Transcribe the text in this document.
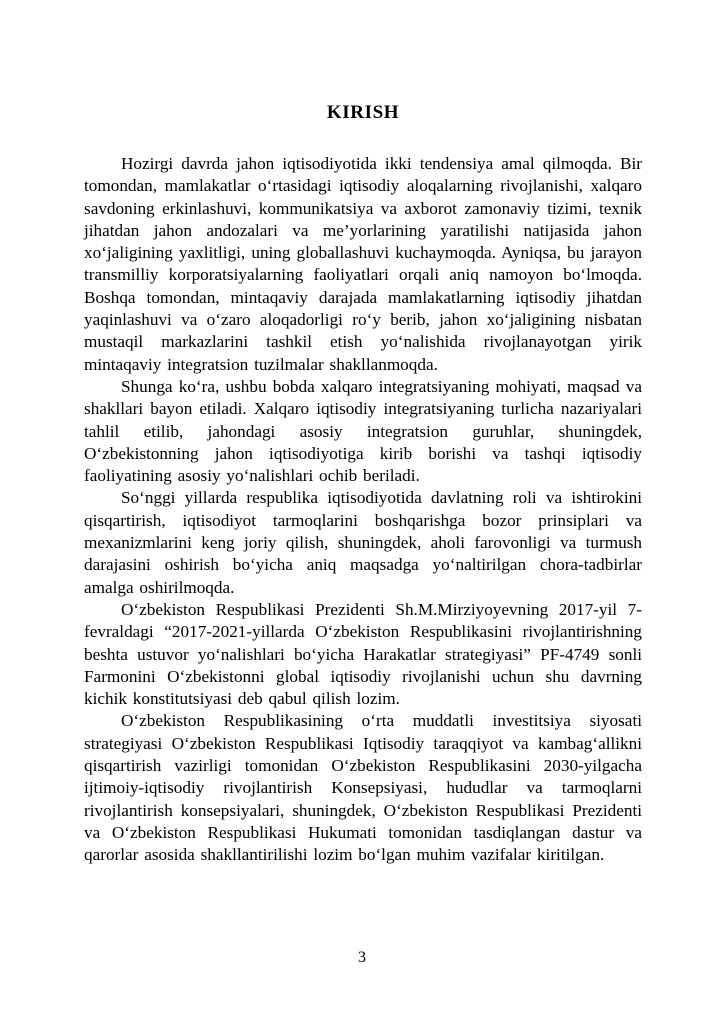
KIRISH

Hozirgi davrda jahon iqtisodiyotida ikki tendensiya amal qilmoqda. Bir tomondan, mamlakatlar o‘rtasidagi iqtisodiy aloqalarning rivojlanishi, xalqaro savdoning erkinlashuvi, kommunikatsiya va axborot zamonaviy tizimi, texnik jihatdan jahon andozalari va me’yorlarining yaratilishi natijasida jahon xo‘jaligining yaxlitligi, uning globallashuvi kuchaymoqda. Ayniqsa, bu jarayon transmilliy korporatsiyalarning faoliyatlari orqali aniq namoyon bo‘lmoqda. Boshqa tomondan, mintaqaviy darajada mamlakatlarning iqtisodiy jihatdan yaqinlashuvi va o‘zaro aloqadorligi ro‘y berib, jahon xo‘jaligining nisbatan mustaqil markazlarini tashkil etish yo‘nalishida rivojlanayotgan yirik mintaqaviy integratsion tuzilmalar shakllanmoqda.

Shunga ko‘ra, ushbu bobda xalqaro integratsiyaning mohiyati, maqsad va shakllari bayon etiladi. Xalqaro iqtisodiy integratsiyaning turlicha nazariyalari tahlil etilib, jahondagi asosiy integratsion guruhlar, shuningdek, O‘zbekistonning jahon iqtisodiyotiga kirib borishi va tashqi iqtisodiy faoliyatining asosiy yo‘nalishlari ochib beriladi.

So‘nggi yillarda respublika iqtisodiyotida davlatning roli va ishtirokini qisqartirish, iqtisodiyot tarmoqlarini boshqarishga bozor prinsiplari va mexanizmlarini keng joriy qilish, shuningdek, aholi farovonligi va turmush darajasini oshirish bo‘yicha aniq maqsadga yo‘naltirilgan chora-tadbirlar amalga oshirilmoqda.

O‘zbekiston Respublikasi Prezidenti Sh.M.Mirziyoyevning 2017-yil 7-fevraldagi “2017-2021-yillarda O‘zbekiston Respublikasini rivojlantirishning beshta ustuvor yo‘nalishlari bo‘yicha Harakatlar strategiyasi” PF-4749 sonli Farmonini O‘zbekistonni global iqtisodiy rivojlanishi uchun shu davrning kichik konstitutsiyasi deb qabul qilish lozim.

O‘zbekiston Respublikasining o‘rta muddatli investitsiya siyosati strategiyasi O‘zbekiston Respublikasi Iqtisodiy taraqqiyot va kambag‘allikni qisqartirish vazirligi tomonidan O‘zbekiston Respublikasini 2030-yilgacha ijtimoiy-iqtisodiy rivojlantirish Konsepsiyasi, hududlar va tarmoqlarni rivojlantirish konsepsiyalari, shuningdek, O‘zbekiston Respublikasi Prezidenti va O‘zbekiston Respublikasi Hukumati tomonidan tasdiqlangan dastur va qarorlar asosida shakllantirilishi lozim bo‘lgan muhim vazifalar kiritilgan.

3
